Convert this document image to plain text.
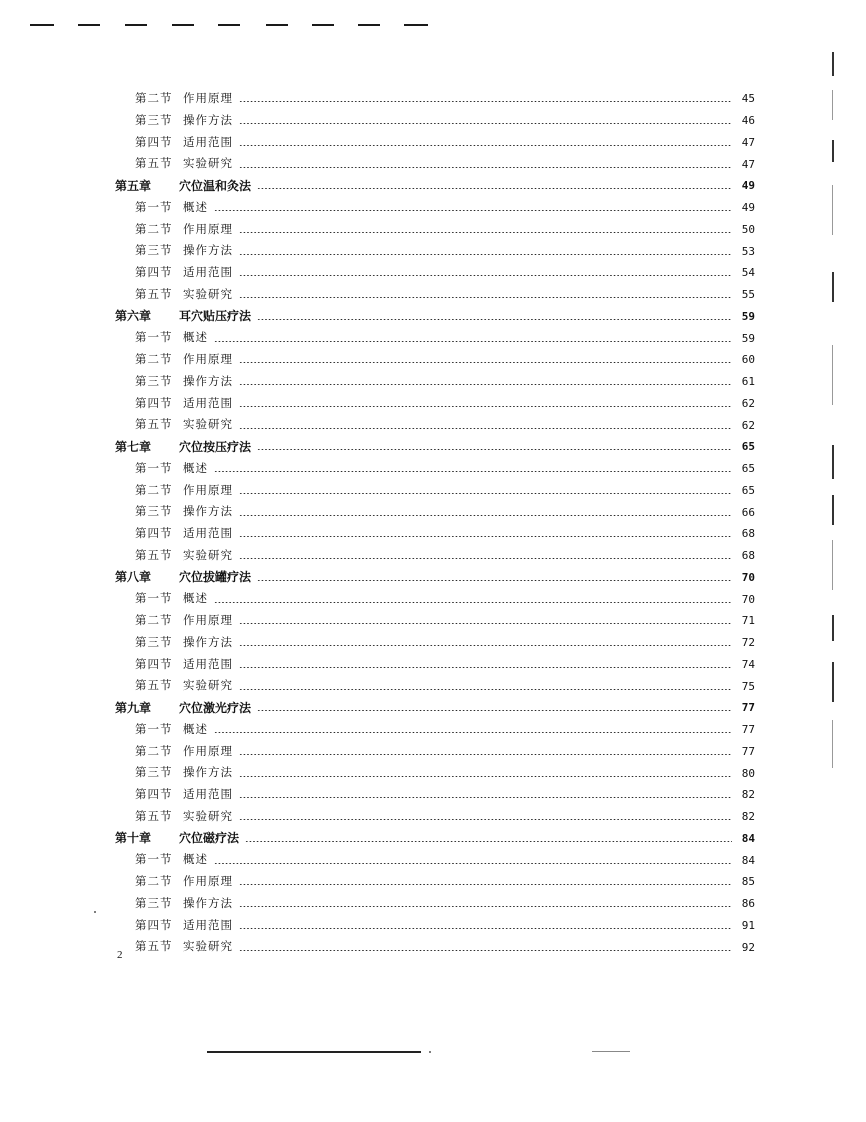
第二节 作用原理	45
第三节 操作方法	46
第四节 适用范围	47
第五节 实验研究	47
第五章	穴位温和灸法	49
第一节 概述	49
第二节 作用原理	50
第三节 操作方法	53
第四节 适用范围	54
第五节 实验研究	55
第六章	耳穴贴压疗法	59
第一节 概述	59
第二节 作用原理	60
第三节 操作方法	61
第四节 适用范围	62
第五节 实验研究	62
第七章	穴位按压疗法	65
第一节 概述	65
第二节 作用原理	65
第三节 操作方法	66
第四节 适用范围	68
第五节 实验研究	68
第八章	穴位拔罐疗法	70
第一节 概述	70
第二节 作用原理	71
第三节 操作方法	72
第四节 适用范围	74
第五节 实验研究	75
第九章	穴位激光疗法	77
第一节 概述	77
第二节 作用原理	77
第三节 操作方法	80
第四节 适用范围	82
第五节 实验研究	82
第十章	穴位磁疗法	84
第一节 概述	84
第二节 作用原理	85
第三节 操作方法	86
第四节 适用范围	91
第五节 实验研究	92
2
